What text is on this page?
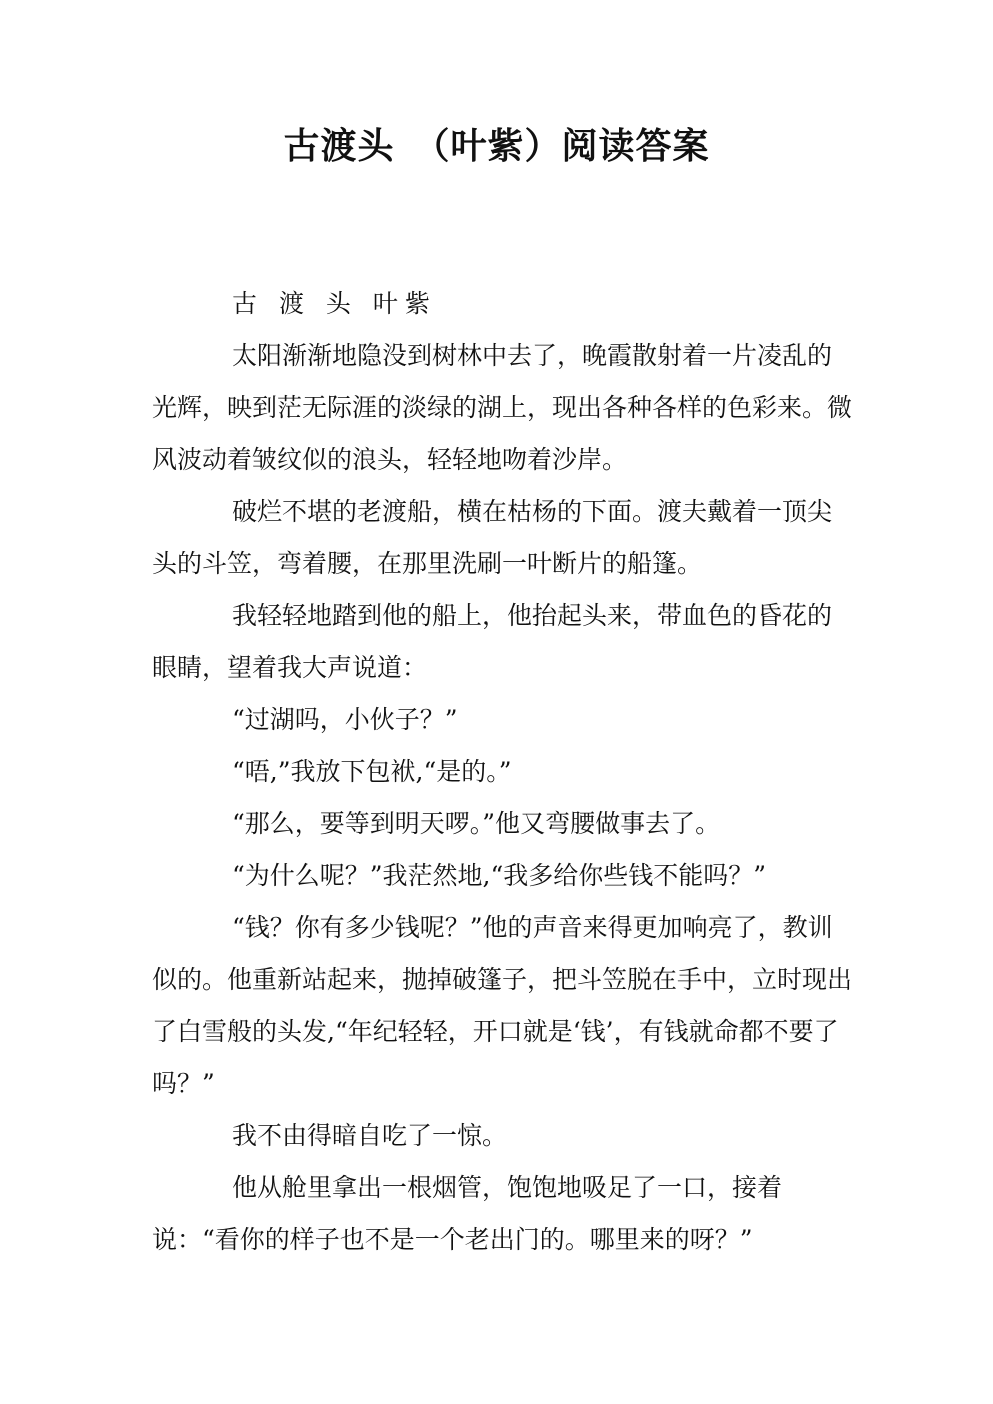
古渡头　（叶紫）阅读答案

古 渡 头 叶紫

太阳渐渐地隐没到树林中去了，晚霞散射着一片凌乱的光辉，映到茫无际涯的淡绿的湖上，现出各种各样的色彩来。微风波动着皱纹似的浪头，轻轻地吻着沙岸。

破烂不堪的老渡船，横在枯杨的下面。渡夫戴着一顶尖头的斗笠，弯着腰，在那里洗刷一叶断片的船篷。

我轻轻地踏到他的船上，他抬起头来，带血色的昏花的眼睛，望着我大声说道：

“过湖吗，小伙子？”

“唔,”我放下包袱,“是的。”

“那么，要等到明天啰。”他又弯腰做事去了。

“为什么呢？”我茫然地,“我多给你些钱不能吗？”

“钱？你有多少钱呢？”他的声音来得更加响亮了，教训似的。他重新站起来，抛掉破篷子，把斗笠脱在手中，立时现出了白雪般的头发,“年纪轻轻，开口就是‘钱’，有钱就命都不要了吗？”

我不由得暗自吃了一惊。

他从舱里拿出一根烟管，饱饱地吸足了一口，接着说：“看你的样子也不是一个老出门的。哪里来的呀？”
